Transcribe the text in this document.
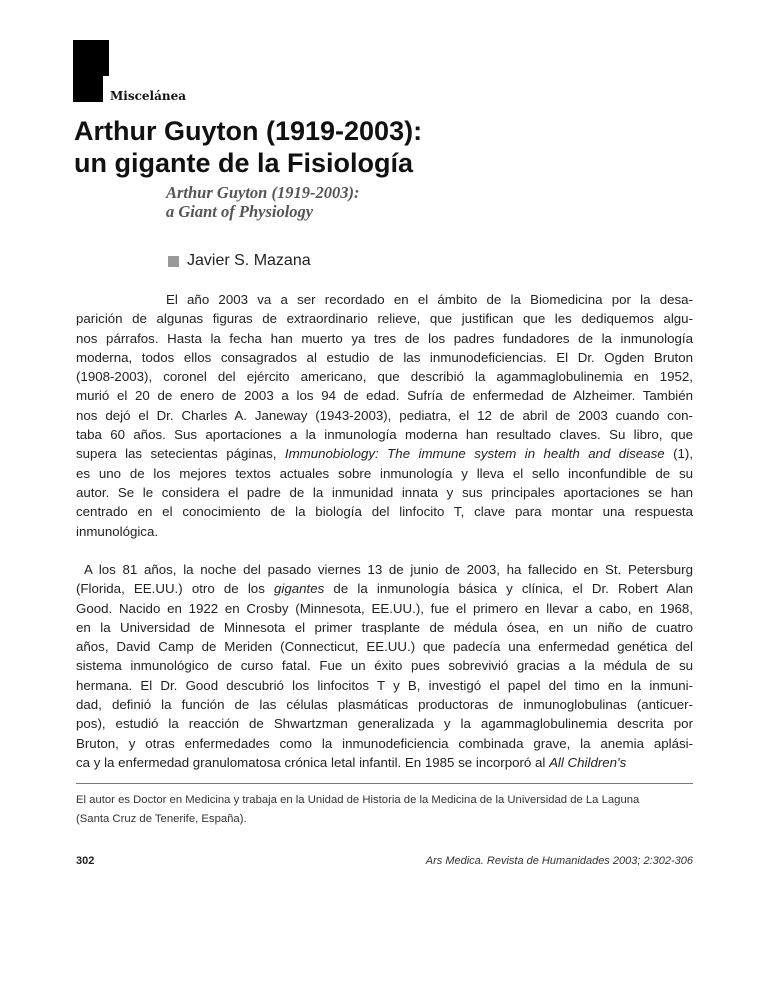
Miscelánea
Arthur Guyton (1919-2003):
un gigante de la Fisiología
Arthur Guyton (1919-2003):
a Giant of Physiology
Javier S. Mazana
El año 2003 va a ser recordado en el ámbito de la Biomedicina por la desa-
parición de algunas figuras de extraordinario relieve, que justifican que les dediquemos algu-
nos párrafos. Hasta la fecha han muerto ya tres de los padres fundadores de la inmunología
moderna, todos ellos consagrados al estudio de las inmunodeficiencias. El Dr. Ogden Bruton
(1908-2003), coronel del ejército americano, que describió la agammaglobulinemia en 1952,
murió el 20 de enero de 2003 a los 94 de edad. Sufría de enfermedad de Alzheimer. También
nos dejó el Dr. Charles A. Janeway (1943-2003), pediatra, el 12 de abril de 2003 cuando con-
taba 60 años. Sus aportaciones a la inmunología moderna han resultado claves. Su libro, que
supera las setecientas páginas, Immunobiology: The immune system in health and disease (1),
es uno de los mejores textos actuales sobre inmunología y lleva el sello inconfundible de su
autor. Se le considera el padre de la inmunidad innata y sus principales aportaciones se han
centrado en el conocimiento de la biología del linfocito T, clave para montar una respuesta
inmunológica.
A los 81 años, la noche del pasado viernes 13 de junio de 2003, ha fallecido en St. Petersburg
(Florida, EE.UU.) otro de los gigantes de la inmunología básica y clínica, el Dr. Robert Alan
Good. Nacido en 1922 en Crosby (Minnesota, EE.UU.), fue el primero en llevar a cabo, en 1968,
en la Universidad de Minnesota el primer trasplante de médula ósea, en un niño de cuatro
años, David Camp de Meriden (Connecticut, EE.UU.) que padecía una enfermedad genética del
sistema inmunológico de curso fatal. Fue un éxito pues sobrevivió gracias a la médula de su
hermana. El Dr. Good descubrió los linfocitos T y B, investigó el papel del timo en la inmuni-
dad, definió la función de las células plasmáticas productoras de inmunoglobulinas (anticuer-
pos), estudió la reacción de Shwartzman generalizada y la agammaglobulinemia descrita por
Bruton, y otras enfermedades como la inmunodeficiencia combinada grave, la anemia aplási-
ca y la enfermedad granulomatosa crónica letal infantil. En 1985 se incorporó al All Children's
El autor es Doctor en Medicina y trabaja en la Unidad de Historia de la Medicina de la Universidad de La Laguna
(Santa Cruz de Tenerife, España).
302	Ars Medica. Revista de Humanidades 2003; 2:302-306
